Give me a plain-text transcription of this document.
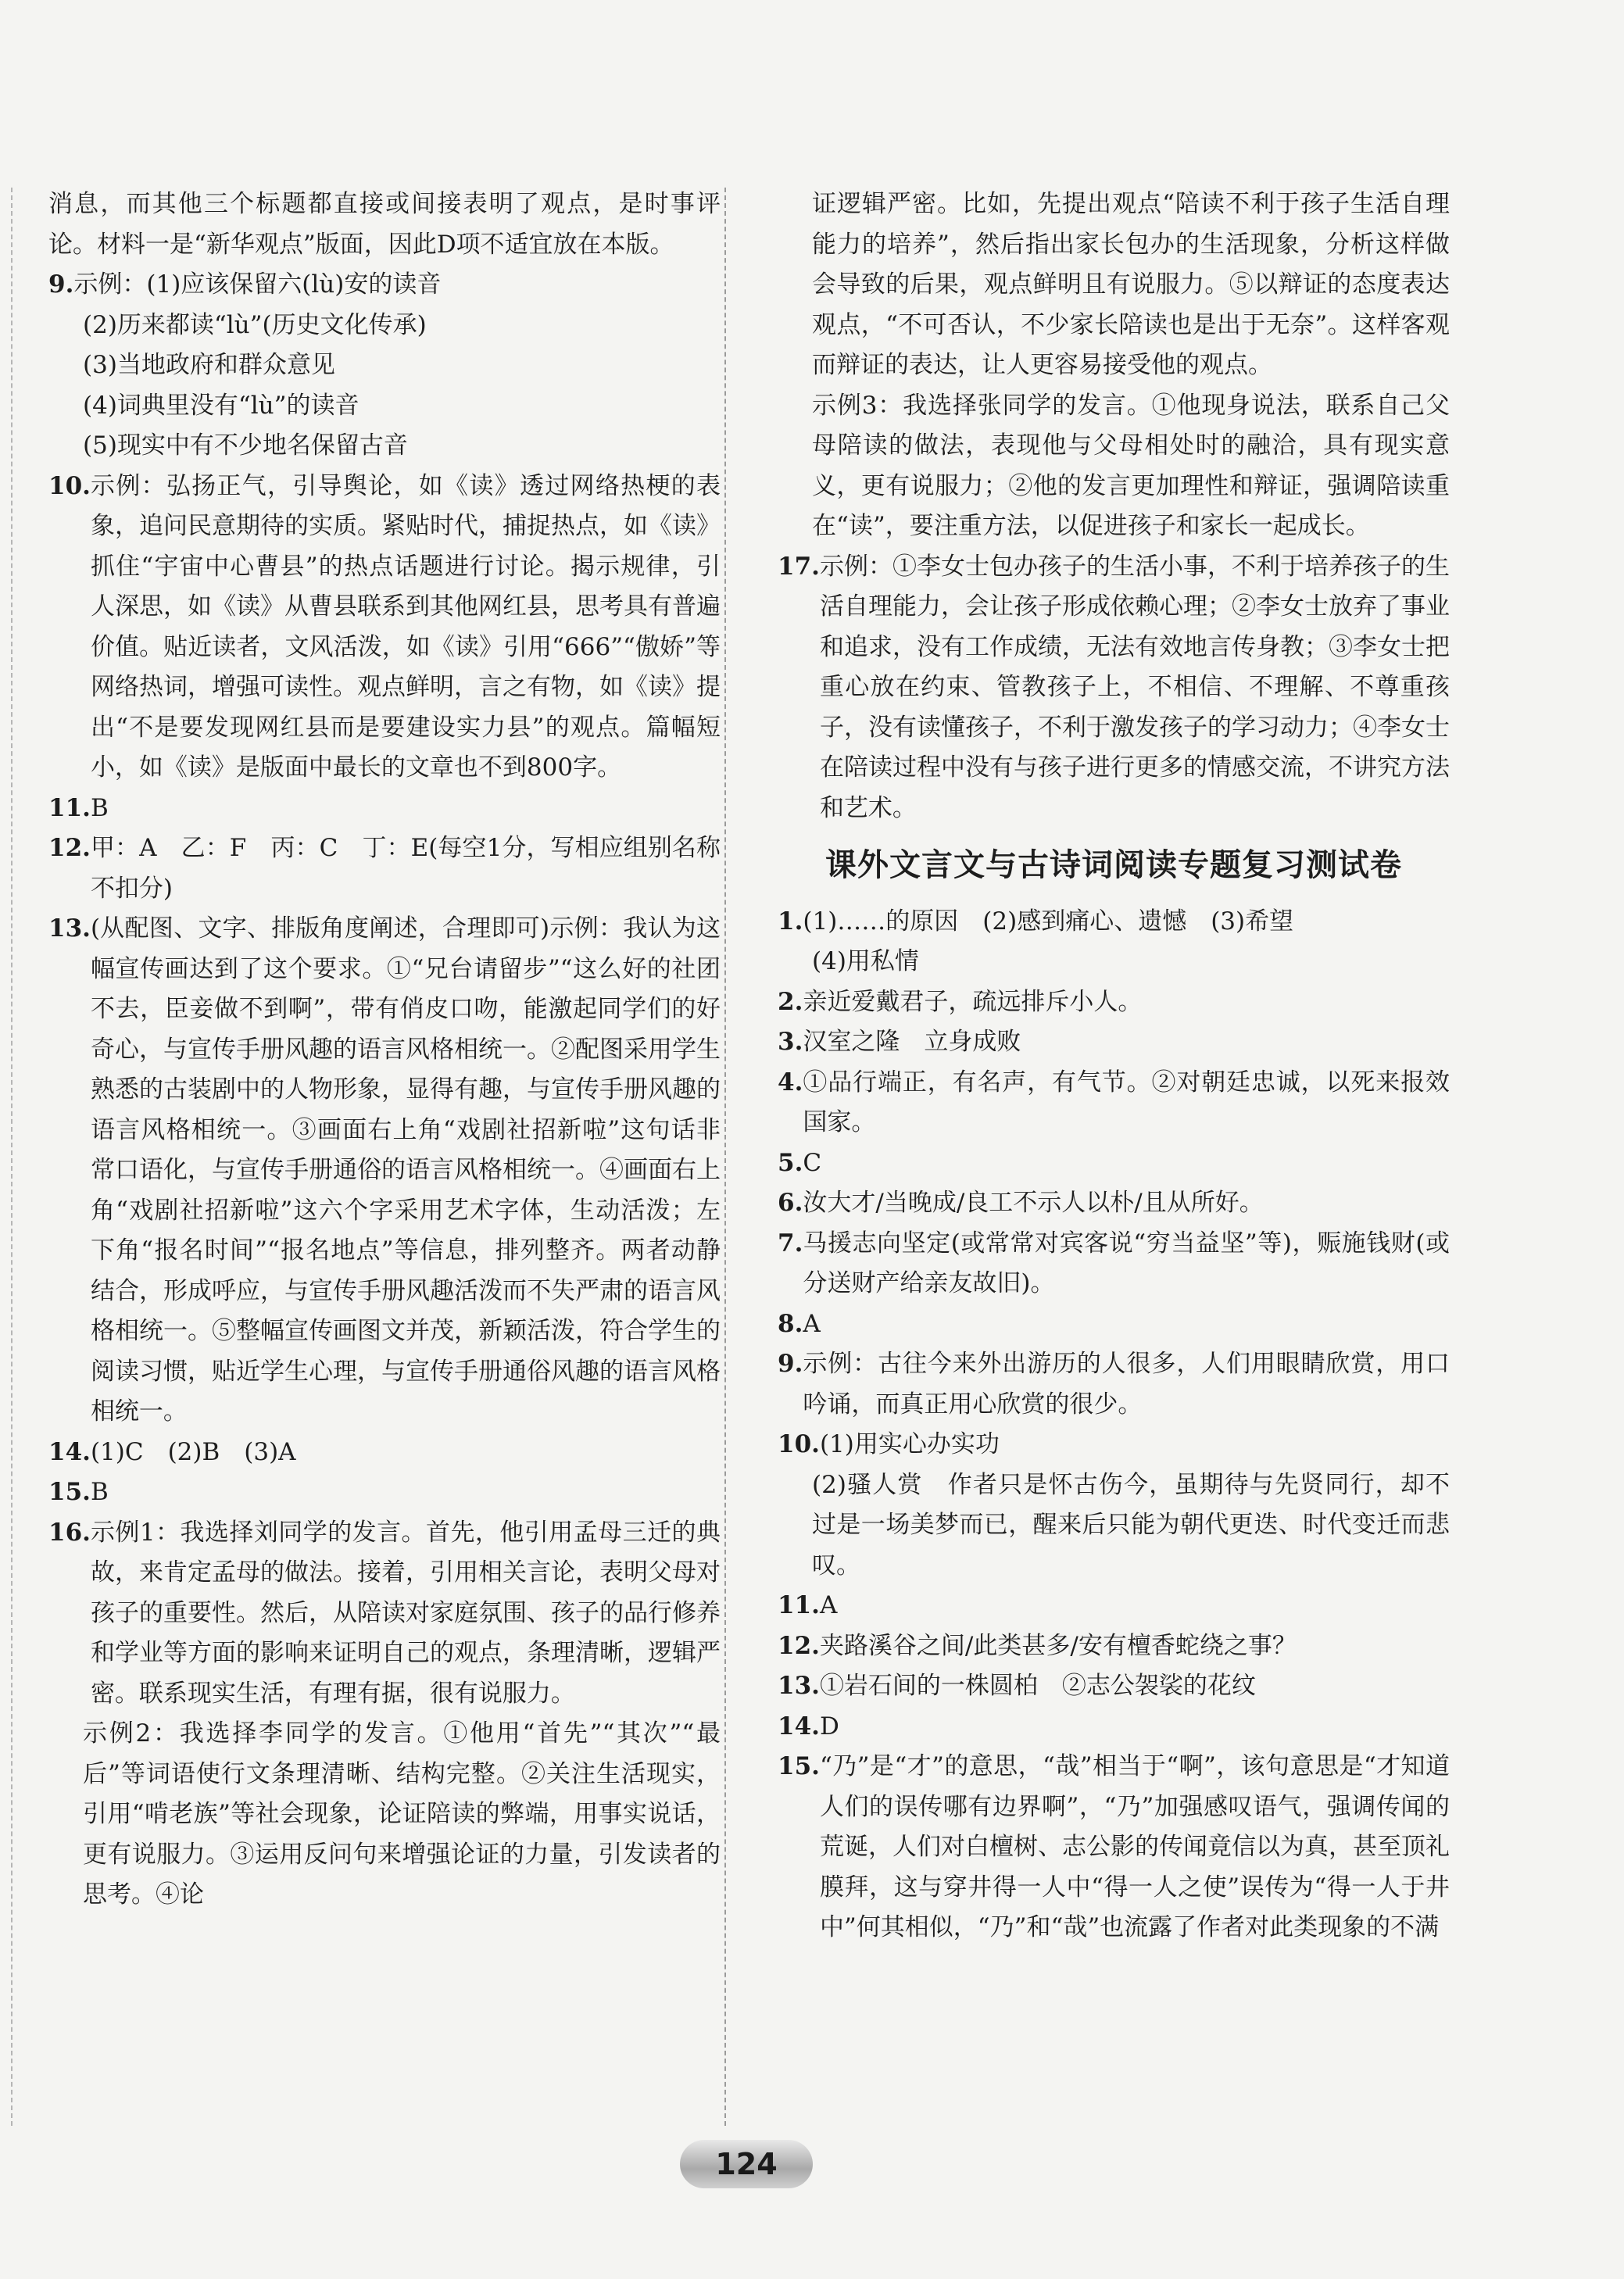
消息，而其他三个标题都直接或间接表明了观点，是时事评论。材料一是“新华观点”版面，因此D项不适宜放在本版。

9. 示例：(1)应该保留六(lù)安的读音
(2)历来都读“lù”(历史文化传承)
(3)当地政府和群众意见
(4)词典里没有“lù”的读音
(5)现实中有不少地名保留古音
10. 示例：弘扬正气，引导舆论，如《读》透过网络热梗的表象，追问民意期待的实质。紧贴时代，捕捉热点，如《读》抓住“宇宙中心曹县”的热点话题进行讨论。揭示规律，引人深思，如《读》从曹县联系到其他网红县，思考具有普遍价值。贴近读者，文风活泼，如《读》引用“666”“傲娇”等网络热词，增强可读性。观点鲜明，言之有物，如《读》提出“不是要发现网红县而是要建设实力县”的观点。篇幅短小，如《读》是版面中最长的文章也不到800字。
11. B
12. 甲：A　乙：F　丙：C　丁：E(每空1分，写相应组别名称不扣分)
13. (从配图、文字、排版角度阐述，合理即可)示例：我认为这幅宣传画达到了这个要求。①“兄台请留步”“这么好的社团不去，臣妾做不到啊”，带有俏皮口吻，能激起同学们的好奇心，与宣传手册风趣的语言风格相统一。②配图采用学生熟悉的古装剧中的人物形象，显得有趣，与宣传手册风趣的语言风格相统一。③画面右上角“戏剧社招新啦”这句话非常口语化，与宣传手册通俗的语言风格相统一。④画面右上角“戏剧社招新啦”这六个字采用艺术字体，生动活泼；左下角“报名时间”“报名地点”等信息，排列整齐。两者动静结合，形成呼应，与宣传手册风趣活泼而不失严肃的语言风格相统一。⑤整幅宣传画图文并茂，新颖活泼，符合学生的阅读习惯，贴近学生心理，与宣传手册通俗风趣的语言风格相统一。
14. (1)C　(2)B　(3)A
15. B
16. 示例1：我选择刘同学的发言。首先，他引用孟母三迁的典故，来肯定孟母的做法。接着，引用相关言论，表明父母对孩子的重要性。然后，从陪读对家庭氛围、孩子的品行修养和学业等方面的影响来证明自己的观点，条理清晰，逻辑严密。联系现实生活，有理有据，很有说服力。
示例2：我选择李同学的发言。①他用“首先”“其次”“最后”等词语使行文条理清晰、结构完整。②关注生活现实，引用“啃老族”等社会现象，论证陪读的弊端，用事实说话，更有说服力。③运用反问句来增强论证的力量，引发读者的思考。④论
证逻辑严密。比如，先提出观点“陪读不利于孩子生活自理能力的培养”，然后指出家长包办的生活现象，分析这样做会导致的后果，观点鲜明且有说服力。⑤以辩证的态度表达观点，“不可否认，不少家长陪读也是出于无奈”。这样客观而辩证的表达，让人更容易接受他的观点。
示例3：我选择张同学的发言。①他现身说法，联系自己父母陪读的做法，表现他与父母相处时的融洽，具有现实意义，更有说服力；②他的发言更加理性和辩证，强调陪读重在“读”，要注重方法，以促进孩子和家长一起成长。
17. 示例：①李女士包办孩子的生活小事，不利于培养孩子的生活自理能力，会让孩子形成依赖心理；②李女士放弃了事业和追求，没有工作成绩，无法有效地言传身教；③李女士把重心放在约束、管教孩子上，不相信、不理解、不尊重孩子，没有读懂孩子，不利于激发孩子的学习动力；④李女士在陪读过程中没有与孩子进行更多的情感交流，不讲究方法和艺术。
课外文言文与古诗词阅读专题复习测试卷
1. (1)……的原因　(2)感到痛心、遗憾　(3)希望
(4)用私情
2. 亲近爱戴君子，疏远排斥小人。
3. 汉室之隆　立身成败
4. ①品行端正，有名声，有气节。②对朝廷忠诚，以死来报效国家。
5. C
6. 汝大才/当晚成/良工不示人以朴/且从所好。
7. 马援志向坚定(或常常对宾客说“穷当益坚”等)，赈施钱财(或分送财产给亲友故旧)。
8. A
9. 示例：古往今来外出游历的人很多，人们用眼睛欣赏，用口吟诵，而真正用心欣赏的很少。
10. (1)用实心办实功
(2)骚人赏　作者只是怀古伤今，虽期待与先贤同行，却不过是一场美梦而已，醒来后只能为朝代更迭、时代变迁而悲叹。
11. A
12. 夹路溪谷之间/此类甚多/安有檀香蛇绕之事？
13. ①岩石间的一株圆柏　②志公袈裟的花纹
14. D
15. “乃”是“才”的意思，“哉”相当于“啊”，该句意思是“才知道人们的误传哪有边界啊”，“乃”加强感叹语气，强调传闻的荒诞，人们对白檀树、志公影的传闻竟信以为真，甚至顶礼膜拜，这与穿井得一人中“得一人之使”误传为“得一人于井中”何其相似，“乃”和“哉”也流露了作者对此类现象的不满
124
